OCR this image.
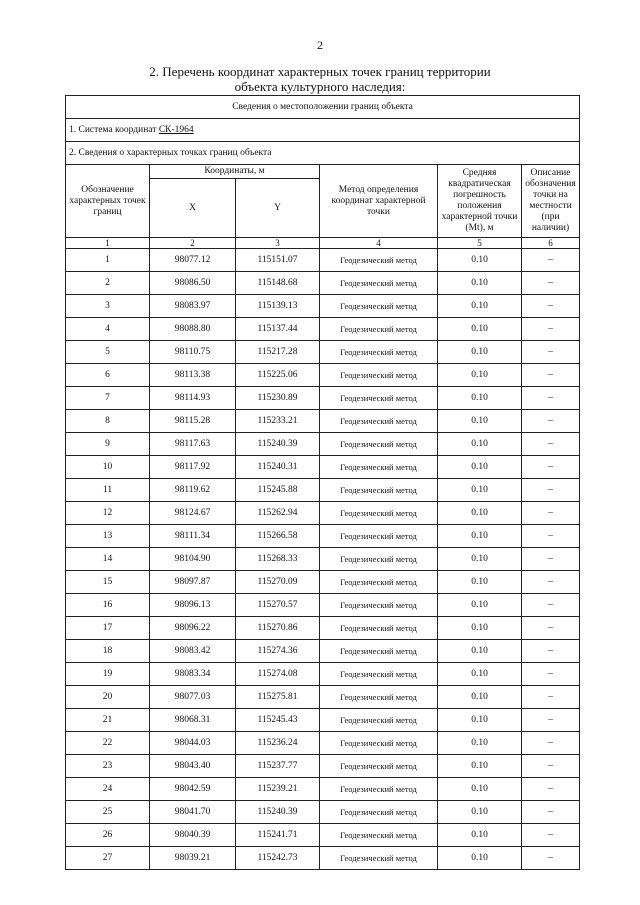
2
2. Перечень координат характерных точек границ территории
объекта культурного наследия:
Сведения о местоположении границ объекта					
1. Система координат СК-1964					
2. Сведения о характерных точках границ объекта					
Обозначение характерных точек границ	Координаты, м		Метод определения координат характерной точки	Средняя квадратическая погрешность положения характерной точки (Mt), м	Описание обозначения точки на местности (при наличии)
	X	Y			
1	2	3	4	5	6
1	98077.12	115151.07	Геодезический метод	0.10	–
2	98086.50	115148.68	Геодезический метод	0.10	–
3	98083.97	115139.13	Геодезический метод	0.10	–
4	98088.80	115137.44	Геодезический метод	0.10	–
5	98110.75	115217.28	Геодезический метод	0.10	–
6	98113.38	115225.06	Геодезический метод	0.10	–
7	98114.93	115230.89	Геодезический метод	0.10	–
8	98115.28	115233.21	Геодезический метод	0.10	–
9	98117.63	115240.39	Геодезический метод	0.10	–
10	98117.92	115240.31	Геодезический метод	0.10	–
11	98119.62	115245.88	Геодезический метод	0.10	–
12	98124.67	115262.94	Геодезический метод	0.10	–
13	98111.34	115266.58	Геодезический метод	0.10	–
14	98104.90	115268.33	Геодезический метод	0.10	–
15	98097.87	115270.09	Геодезический метод	0.10	–
16	98096.13	115270.57	Геодезический метод	0.10	–
17	98096.22	115270.86	Геодезический метод	0.10	–
18	98083.42	115274.36	Геодезический метод	0.10	–
19	98083.34	115274.08	Геодезический метод	0.10	–
20	98077.03	115275.81	Геодезический метод	0.10	–
21	98068.31	115245.43	Геодезический метод	0.10	–
22	98044.03	115236.24	Геодезический метод	0.10	–
23	98043.40	115237.77	Геодезический метод	0.10	–
24	98042.59	115239.21	Геодезический метод	0.10	–
25	98041.70	115240.39	Геодезический метод	0.10	–
26	98040.39	115241.71	Геодезический метод	0.10	–
27	98039.21	115242.73	Геодезический метод	0.10	–
